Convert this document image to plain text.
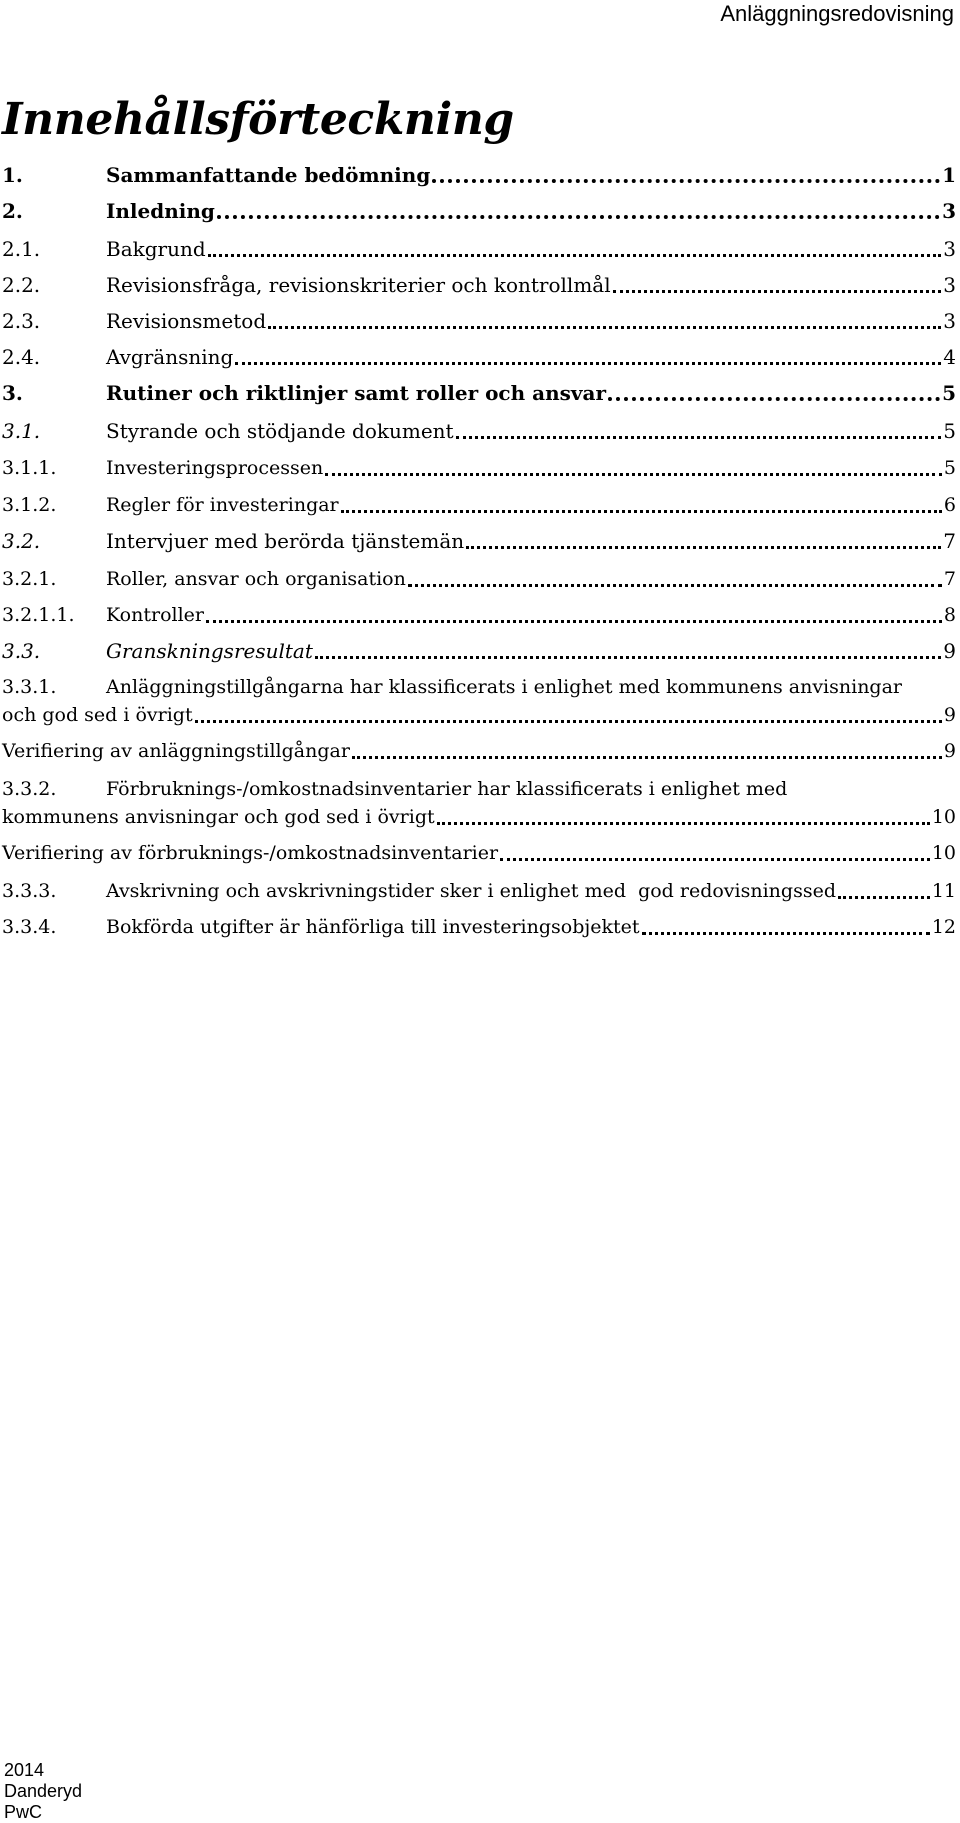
Anläggningsredovisning
Innehållsförteckning
1.	Sammanfattande bedömning	1
2.	Inledning	3
2.1.	Bakgrund	3
2.2.	Revisionsfråga, revisionskriterier och kontrollmål	3
2.3.	Revisionsmetod	3
2.4.	Avgränsning	4
3.	Rutiner och riktlinjer samt roller och ansvar	5
3.1.	Styrande och stödjande dokument	5
3.1.1.	Investeringsprocessen	5
3.1.2.	Regler för investeringar	6
3.2.	Intervjuer med berörda tjänstemän	7
3.2.1.	Roller, ansvar och organisation	7
3.2.1.1.	Kontroller	8
3.3.	Granskningsresultat	9
3.3.1.	Anläggningstillgångarna har klassificerats i enlighet med kommunens anvisningar
och god sed i övrigt	9
Verifiering av anläggningstillgångar	9
3.3.2.	Förbruknings-/omkostnadsinventarier har klassificerats i enlighet med
kommunens anvisningar och god sed i övrigt	10
Verifiering av förbruknings-/omkostnadsinventarier	10
3.3.3.	Avskrivning och avskrivningstider sker i enlighet med  god redovisningssed	11
3.3.4.	Bokförda utgifter är hänförliga till investeringsobjektet	12
2014
Danderyd
PwC
